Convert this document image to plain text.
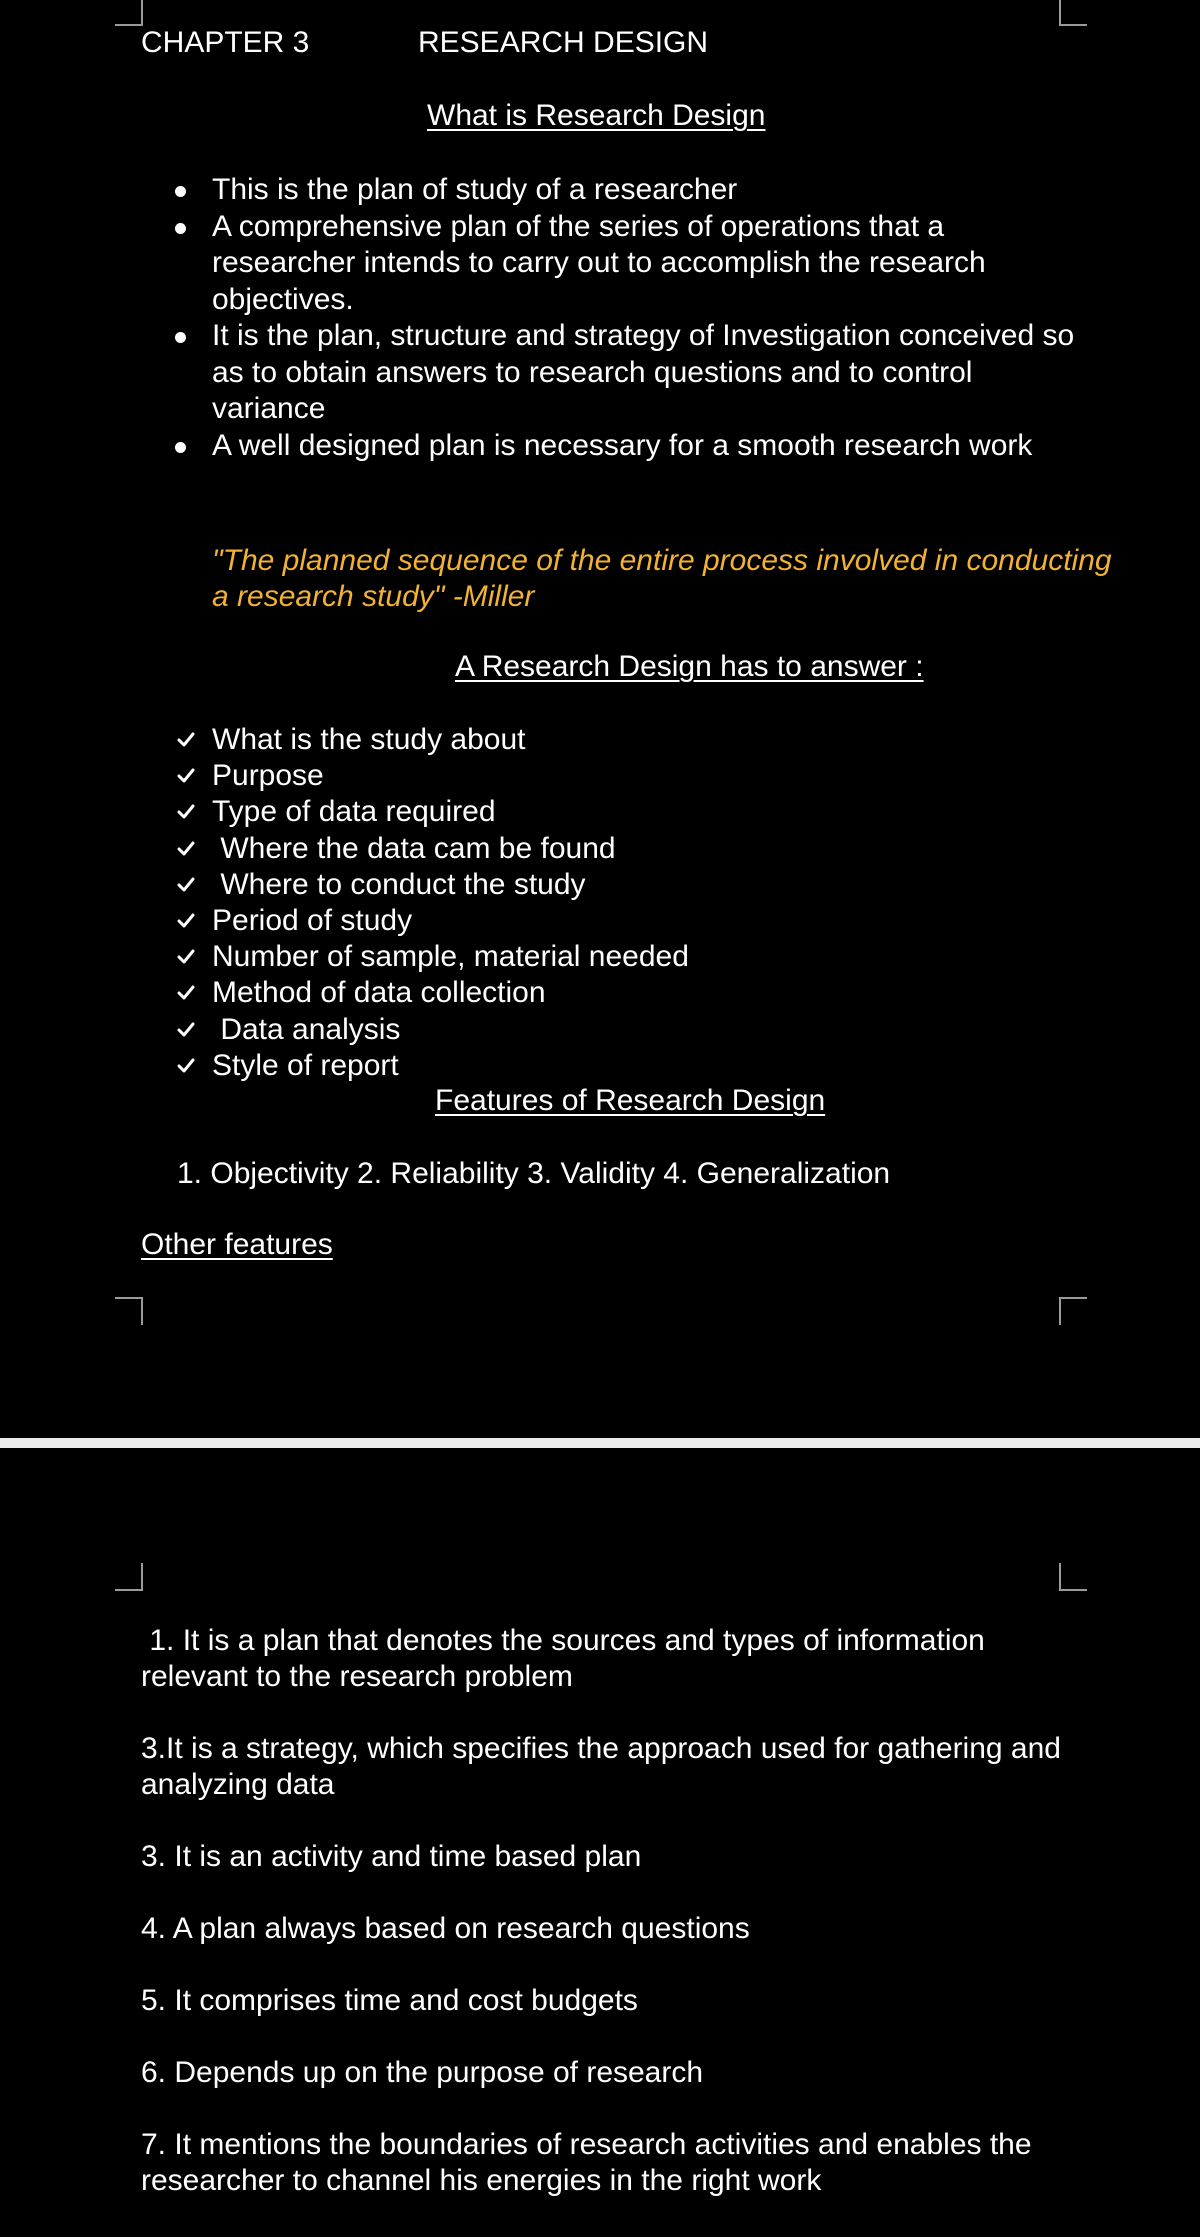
CHAPTER 3	RESEARCH DESIGN
What is Research Design
This is the plan of study of a researcher
A comprehensive plan of the series of operations that a researcher intends to carry out to accomplish the research objectives.
It is the plan, structure and strategy of Investigation conceived so as to obtain answers to research questions and to control variance
A well designed plan is necessary for a smooth research work
"The planned sequence of the entire process involved in conducting a research study" -Miller
A Research Design has to answer :
What is the study about
Purpose
Type of data required
Where the data cam be found
Where to conduct the study
Period of study
Number of sample, material needed
Method of data collection
Data analysis
Style of report
Features of Research Design
1. Objectivity 2. Reliability 3. Validity 4. Generalization
Other features
1. It is a plan that denotes the sources and types of information relevant to the research problem
3.It is a strategy, which specifies the approach used for gathering and analyzing data
3. It is an activity and time based plan
4. A plan always based on research questions
5. It comprises time and cost budgets
6. Depends up on the purpose of research
7. It mentions the boundaries of research activities and enables the researcher to channel his energies in the right work
